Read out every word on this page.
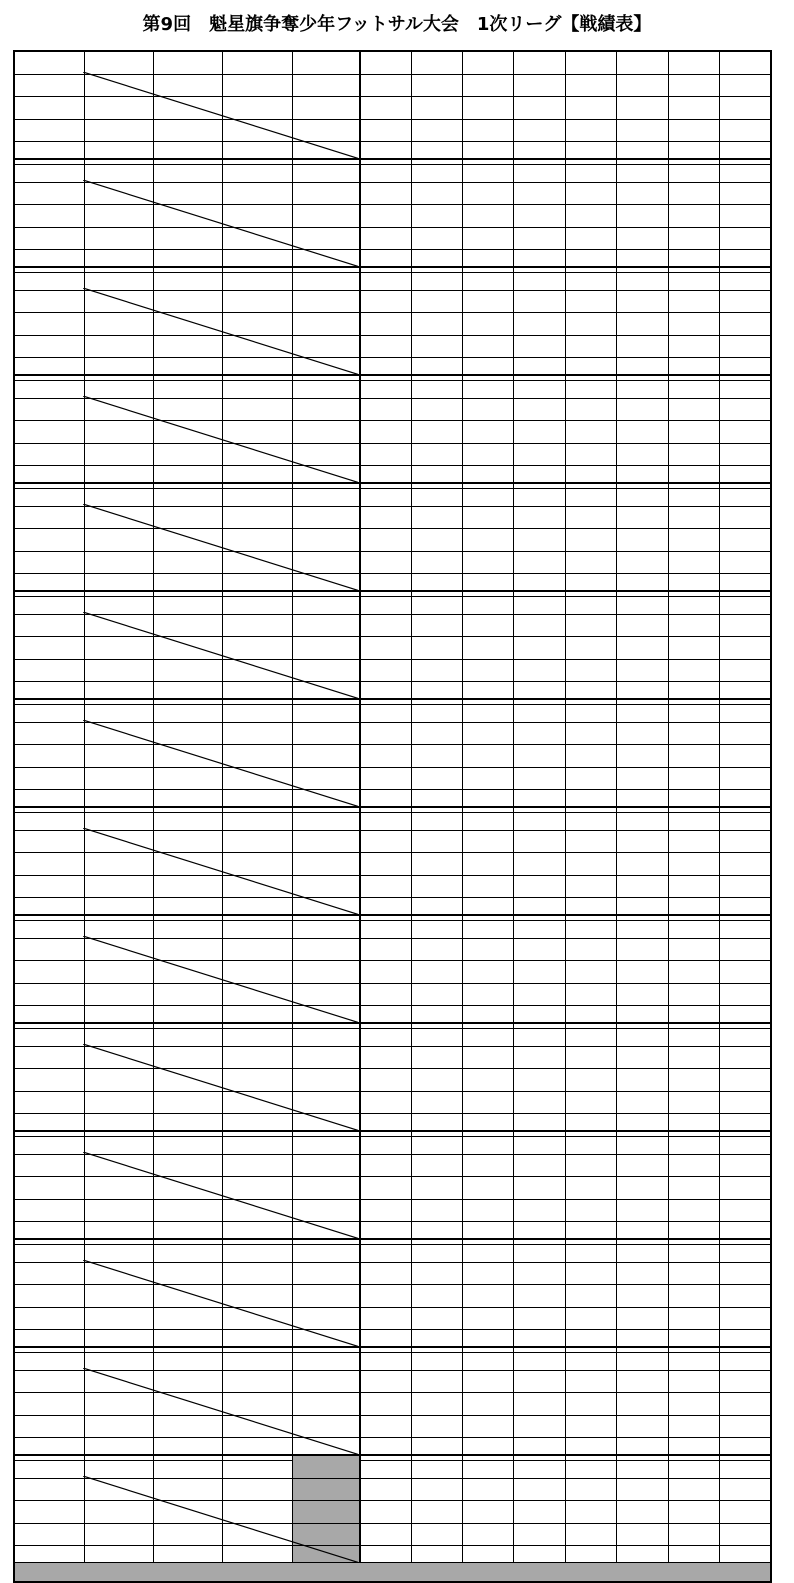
第9回　魁星旗争奪少年フットサル大会　1次リーグ【戦績表】
